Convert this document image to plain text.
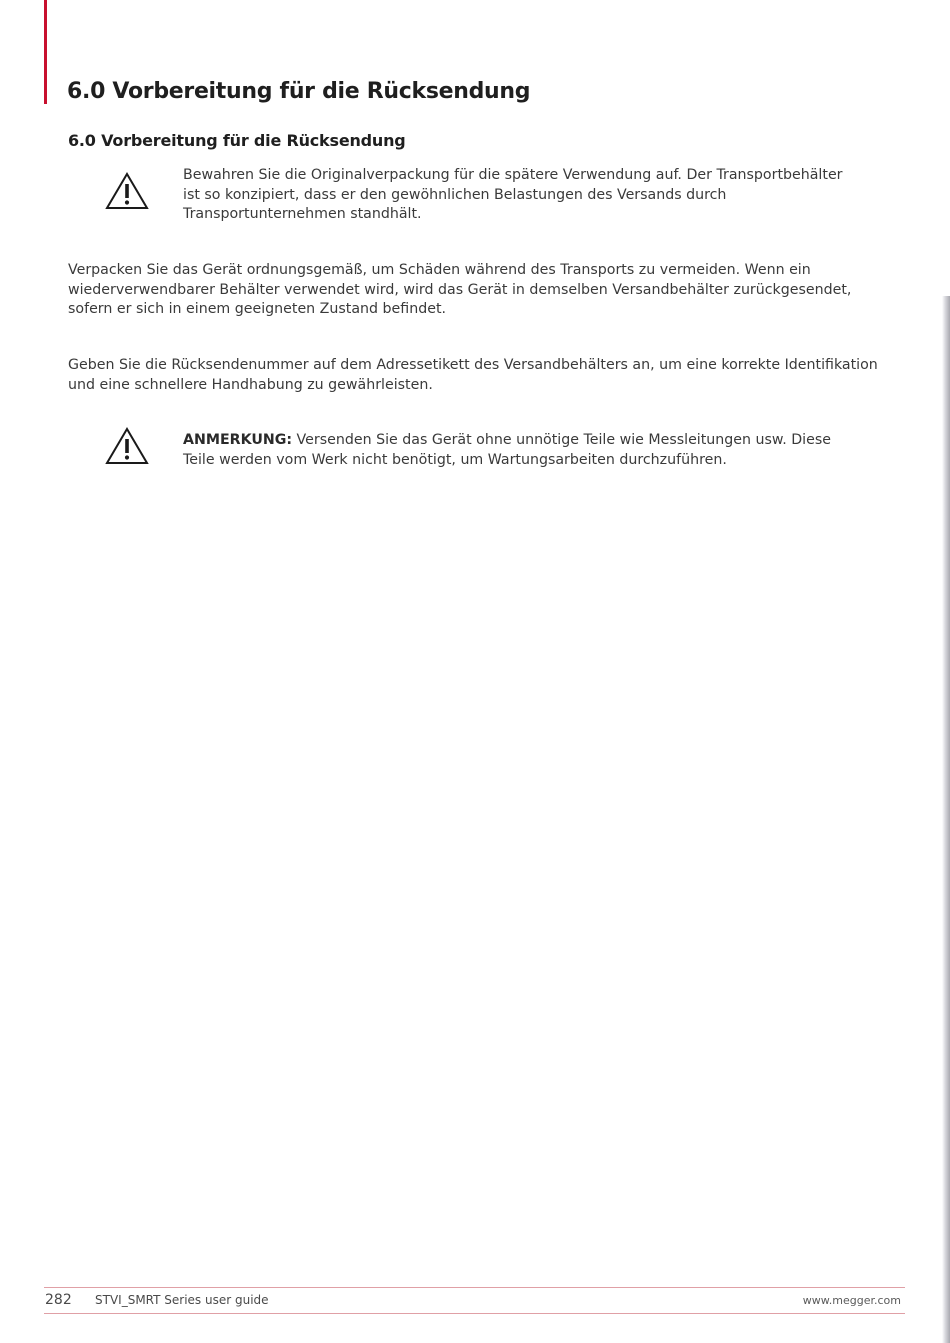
6.0 Vorbereitung für die Rücksendung
6.0 Vorbereitung für die Rücksendung

Bewahren Sie die Originalverpackung für die spätere Verwendung auf. Der Transportbehälter ist so konzipiert, dass er den gewöhnlichen Belastungen des Versands durch Transportunternehmen standhält.

Verpacken Sie das Gerät ordnungsgemäß, um Schäden während des Transports zu vermeiden. Wenn ein wiederverwendbarer Behälter verwendet wird, wird das Gerät in demselben Versandbehälter zurückgesendet, sofern er sich in einem geeigneten Zustand befindet.

Geben Sie die Rücksendenummer auf dem Adressetikett des Versandbehälters an, um eine korrekte Identifikation und eine schnellere Handhabung zu gewährleisten.

ANMERKUNG: Versenden Sie das Gerät ohne unnötige Teile wie Messleitungen usw. Diese Teile werden vom Werk nicht benötigt, um Wartungsarbeiten durchzuführen.

282 STVI_SMRT Series user guide	www.megger.com
